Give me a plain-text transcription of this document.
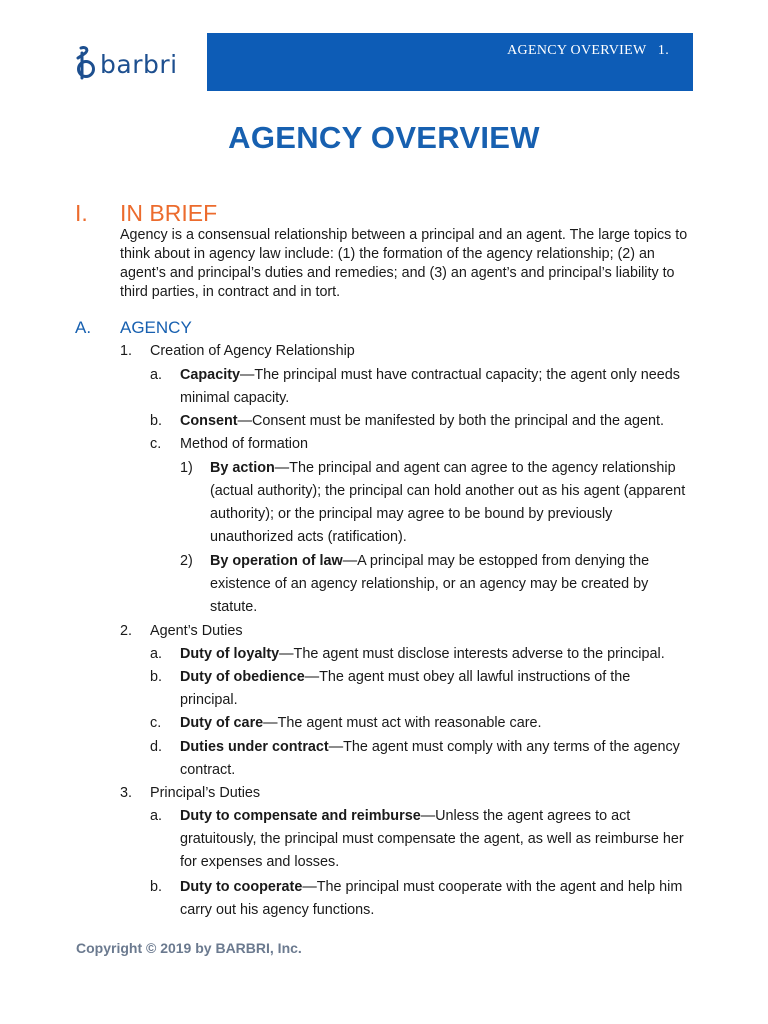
barbri	AGENCY OVERVIEW 1.
AGENCY OVERVIEW
I. IN BRIEF
Agency is a consensual relationship between a principal and an agent. The large topics to think about in agency law include: (1) the formation of the agency relationship; (2) an agent’s and principal’s duties and remedies; and (3) an agent’s and principal’s liability to third parties, in contract and in tort.
A. AGENCY
1. Creation of Agency Relationship
a. Capacity—The principal must have contractual capacity; the agent only needs minimal capacity.
b. Consent—Consent must be manifested by both the principal and the agent.
c. Method of formation
1) By action—The principal and agent can agree to the agency relationship (actual authority); the principal can hold another out as his agent (apparent authority); or the principal may agree to be bound by previously unauthorized acts (ratification).
2) By operation of law—A principal may be estopped from denying the existence of an agency relationship, or an agency may be created by statute.
2. Agent’s Duties
a. Duty of loyalty—The agent must disclose interests adverse to the principal.
b. Duty of obedience—The agent must obey all lawful instructions of the principal.
c. Duty of care—The agent must act with reasonable care.
d. Duties under contract—The agent must comply with any terms of the agency contract.
3. Principal’s Duties
a. Duty to compensate and reimburse—Unless the agent agrees to act gratuitously, the principal must compensate the agent, as well as reimburse her for expenses and losses.
b. Duty to cooperate—The principal must cooperate with the agent and help him carry out his agency functions.
Copyright © 2019 by BARBRI, Inc.
